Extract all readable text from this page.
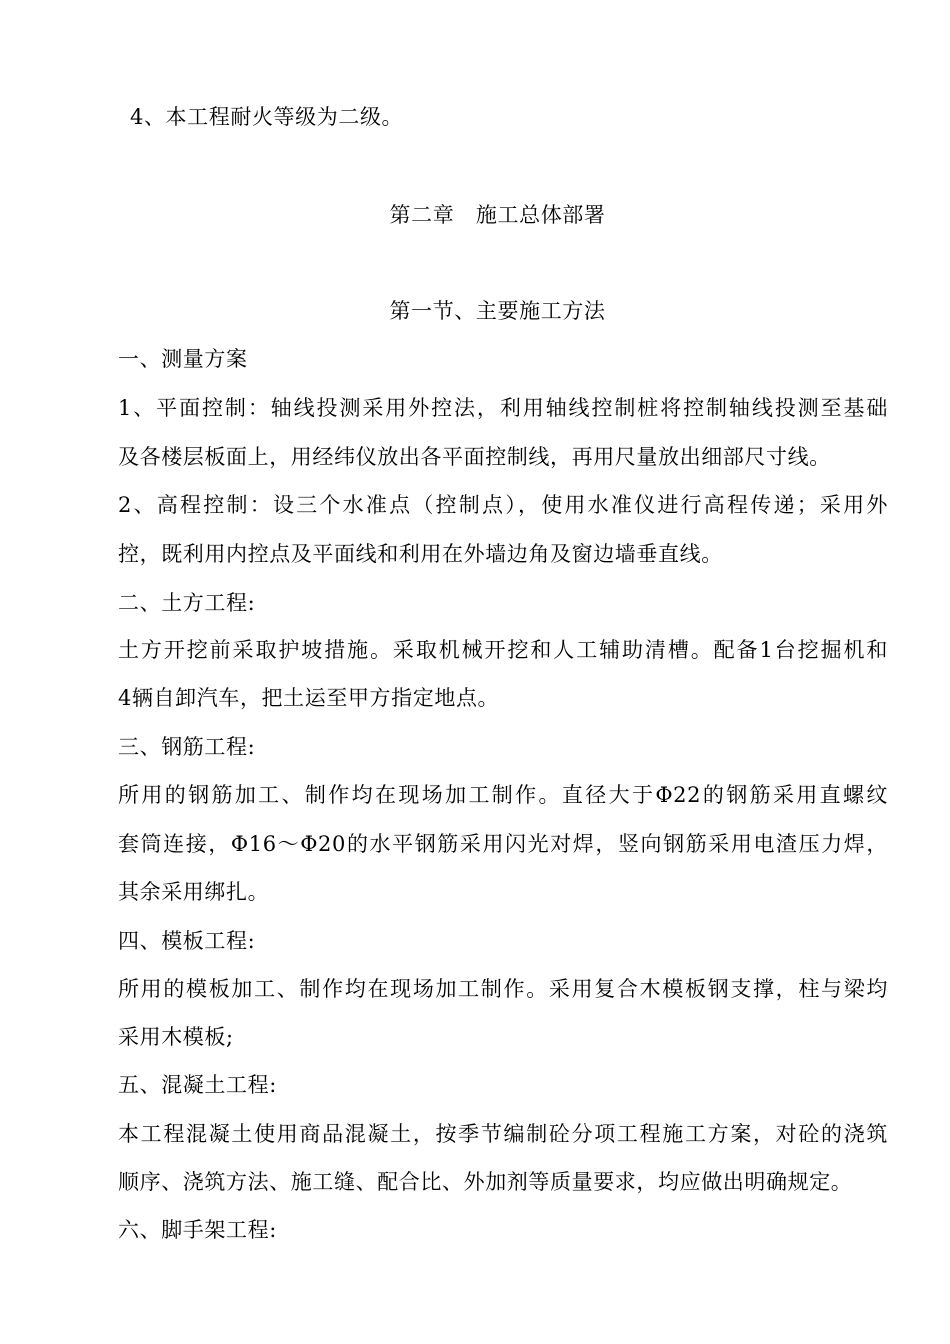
4、本工程耐火等级为二级。
第二章　施工总体部署
第一节、主要施工方法
一、测量方案
1、平面控制：轴线投测采用外控法，利用轴线控制桩将控制轴线投测至基础
及各楼层板面上，用经纬仪放出各平面控制线，再用尺量放出细部尺寸线。
2、高程控制：设三个水准点（控制点），使用水准仪进行高程传递；采用外
控，既利用内控点及平面线和利用在外墙边角及窗边墙垂直线。
二、土方工程:
土方开挖前采取护坡措施。采取机械开挖和人工辅助清槽。配备1台挖掘机和
4辆自卸汽车，把土运至甲方指定地点。
三、钢筋工程:
所用的钢筋加工、制作均在现场加工制作。直径大于Φ22的钢筋采用直螺纹
套筒连接，Φ16～Φ20的水平钢筋采用闪光对焊，竖向钢筋采用电渣压力焊，
其余采用绑扎。
四、模板工程:
所用的模板加工、制作均在现场加工制作。采用复合木模板钢支撑，柱与梁均
采用木模板;
五、混凝土工程:
本工程混凝土使用商品混凝土，按季节编制砼分项工程施工方案，对砼的浇筑
顺序、浇筑方法、施工缝、配合比、外加剂等质量要求，均应做出明确规定。
六、脚手架工程:
